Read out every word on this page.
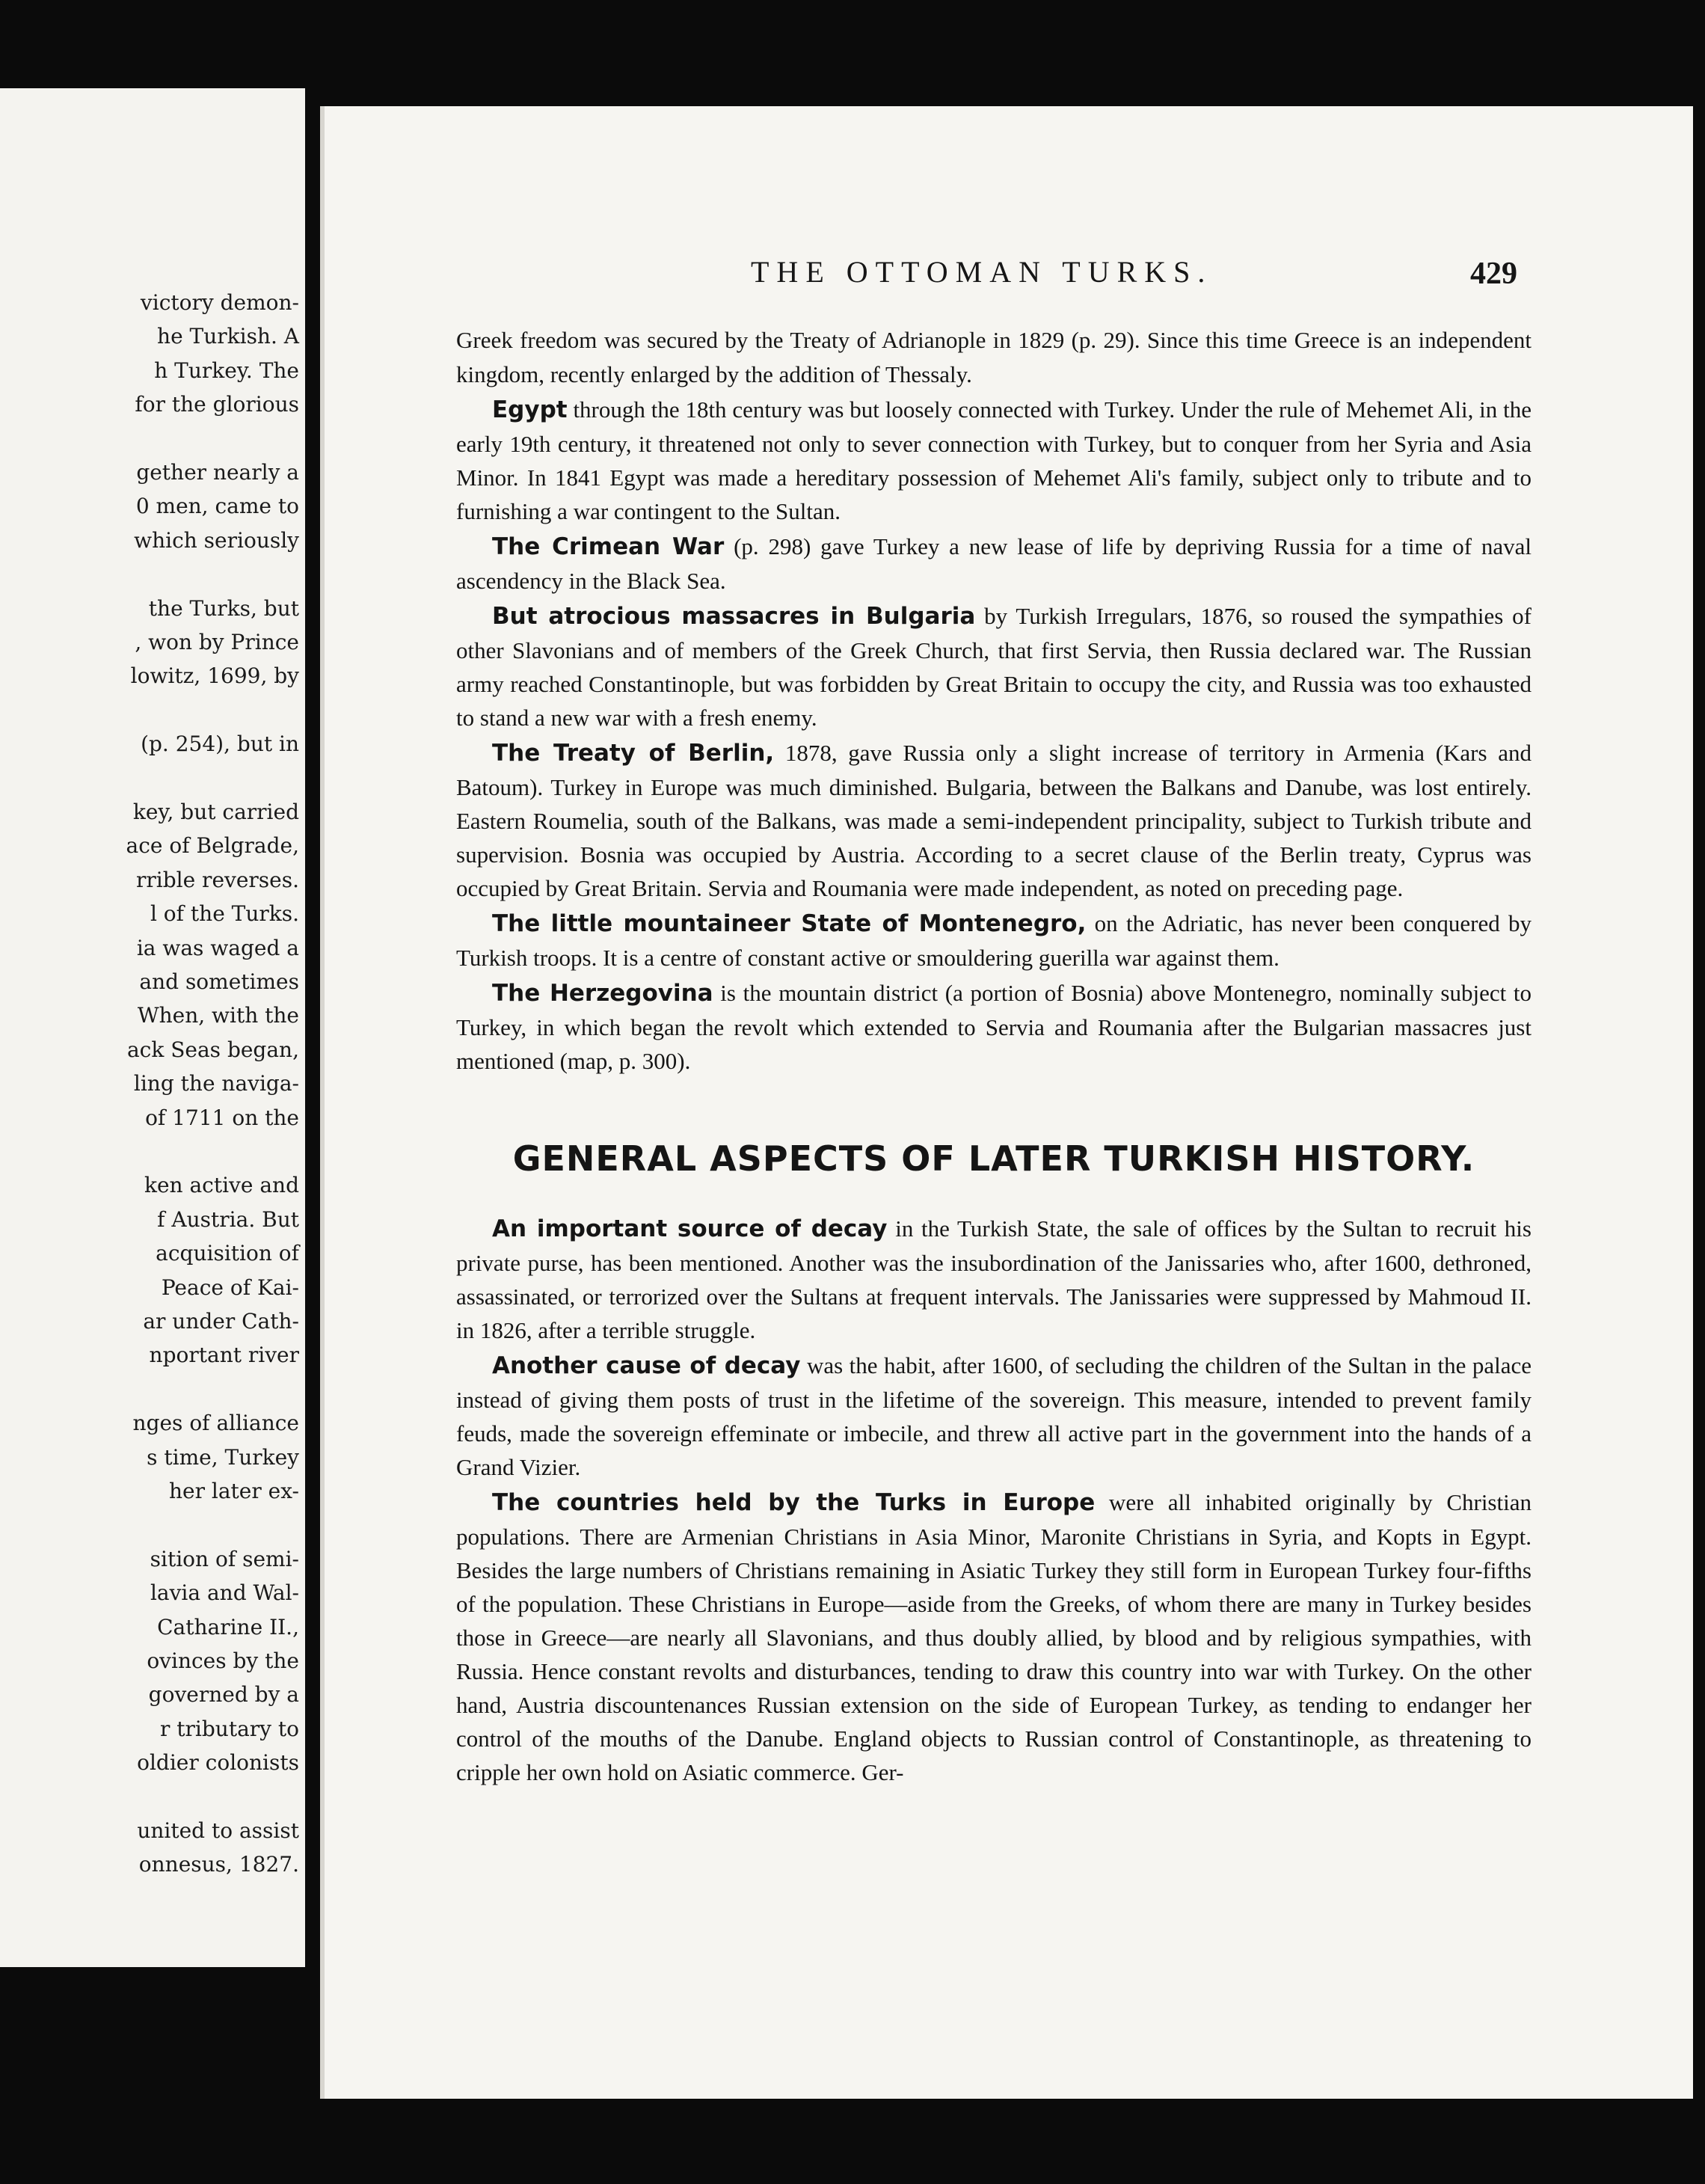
victory demon-
he Turkish. A
h Turkey. The
for the glorious
gether nearly a
0 men, came to
which seriously
the Turks, but
, won by Prince
lowitz, 1699, by
(p. 254), but in
key, but carried
ace of Belgrade,
rrible reverses.
l of the Turks.
ia was waged a
and sometimes
When, with the
ack Seas began,
ling the naviga-
of 1711 on the
ken active and
f Austria. But
acquisition of
Peace of Kai-
ar under Cath-
nportant river
nges of alliance
s time, Turkey
her later ex-
sition of semi-
lavia and Wal-
Catharine II.,
ovinces by the
governed by a
r tributary to
oldier colonists
united to assist
onnesus, 1827.
THE OTTOMAN TURKS.	429

Greek freedom was secured by the Treaty of Adrianople in 1829 (p. 29). Since this time Greece is an independent kingdom, recently enlarged by the addition of Thessaly.

Egypt through the 18th century was but loosely connected with Turkey. Under the rule of Mehemet Ali, in the early 19th century, it threatened not only to sever connection with Turkey, but to conquer from her Syria and Asia Minor. In 1841 Egypt was made a hereditary possession of Mehemet Ali's family, subject only to tribute and to furnishing a war contingent to the Sultan.

The Crimean War (p. 298) gave Turkey a new lease of life by depriving Russia for a time of naval ascendency in the Black Sea.

But atrocious massacres in Bulgaria by Turkish Irregulars, 1876, so roused the sympathies of other Slavonians and of members of the Greek Church, that first Servia, then Russia declared war. The Russian army reached Constantinople, but was forbidden by Great Britain to occupy the city, and Russia was too exhausted to stand a new war with a fresh enemy.

The Treaty of Berlin, 1878, gave Russia only a slight increase of territory in Armenia (Kars and Batoum). Turkey in Europe was much diminished. Bulgaria, between the Balkans and Danube, was lost entirely. Eastern Roumelia, south of the Balkans, was made a semi-independent principality, subject to Turkish tribute and supervision. Bosnia was occupied by Austria. According to a secret clause of the Berlin treaty, Cyprus was occupied by Great Britain. Servia and Roumania were made independent, as noted on preceding page.

The little mountaineer State of Montenegro, on the Adriatic, has never been conquered by Turkish troops. It is a centre of constant active or smouldering guerilla war against them.

The Herzegovina is the mountain district (a portion of Bosnia) above Montenegro, nominally subject to Turkey, in which began the revolt which extended to Servia and Roumania after the Bulgarian massacres just mentioned (map, p. 300).

GENERAL ASPECTS OF LATER TURKISH HISTORY.

An important source of decay in the Turkish State, the sale of offices by the Sultan to recruit his private purse, has been mentioned. Another was the insubordination of the Janissaries who, after 1600, dethroned, assassinated, or terrorized over the Sultans at frequent intervals. The Janissaries were suppressed by Mahmoud II. in 1826, after a terrible struggle.

Another cause of decay was the habit, after 1600, of secluding the children of the Sultan in the palace instead of giving them posts of trust in the lifetime of the sovereign. This measure, intended to prevent family feuds, made the sovereign effeminate or imbecile, and threw all active part in the government into the hands of a Grand Vizier.

The countries held by the Turks in Europe were all inhabited originally by Christian populations. There are Armenian Christians in Asia Minor, Maronite Christians in Syria, and Kopts in Egypt. Besides the large numbers of Christians remaining in Asiatic Turkey they still form in European Turkey four-fifths of the population. These Christians in Europe—aside from the Greeks, of whom there are many in Turkey besides those in Greece—are nearly all Slavonians, and thus doubly allied, by blood and by religious sympathies, with Russia. Hence constant revolts and disturbances, tending to draw this country into war with Turkey. On the other hand, Austria discountenances Russian extension on the side of European Turkey, as tending to endanger her control of the mouths of the Danube. England objects to Russian control of Constantinople, as threatening to cripple her own hold on Asiatic commerce. Ger-
